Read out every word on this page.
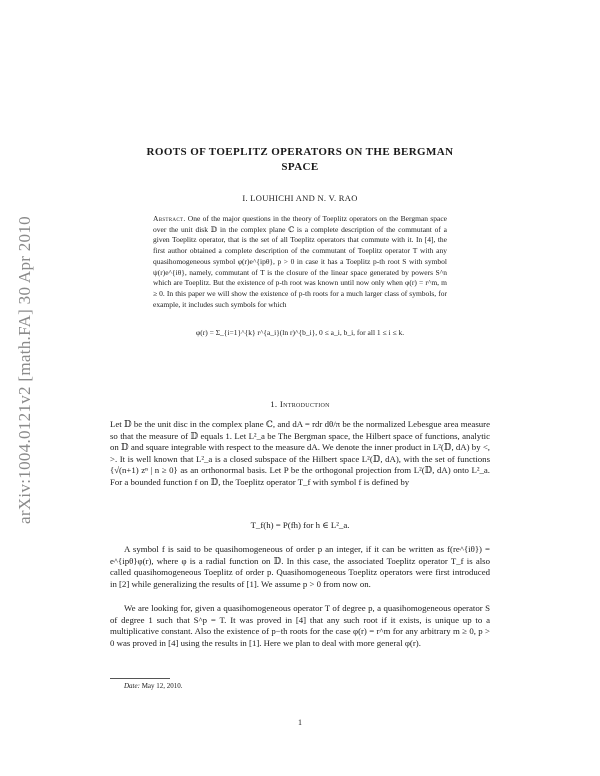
arXiv:1004.0121v2 [math.FA] 30 Apr 2010
ROOTS OF TOEPLITZ OPERATORS ON THE BERGMAN
SPACE
I. LOUHICHI AND N. V. RAO
Abstract. One of the major questions in the theory of Toeplitz operators on the Bergman space over the unit disk 𝔻 in the complex plane ℂ is a complete description of the commutant of a given Toeplitz operator, that is the set of all Toeplitz operators that commute with it. In [4], the first author obtained a complete description of the commutant of Toeplitz operator T with any quasihomogeneous symbol φ(r)e^{ipθ}, p > 0 in case it has a Toeplitz p-th root S with symbol ψ(r)e^{iθ}, namely, commutant of T is the closure of the linear space generated by powers S^n which are Toeplitz. But the existence of p-th root was known until now only when φ(r) = r^m, m ≥ 0. In this paper we will show the existence of p-th roots for a much larger class of symbols, for example, it includes such symbols for which
φ(r) = Σ_{i=1}^{k} r^{a_i}(ln r)^{b_i}, 0 ≤ a_i, b_i, for all 1 ≤ i ≤ k.
1. Introduction
Let 𝔻 be the unit disc in the complex plane ℂ, and dA = rdr dθ/π be the normalized Lebesgue area measure so that the measure of 𝔻 equals 1. Let L²_a be The Bergman space, the Hilbert space of functions, analytic on 𝔻 and square integrable with respect to the measure dA. We denote the inner product in L²(𝔻, dA) by <, >. It is well known that L²_a is a closed subspace of the Hilbert space L²(𝔻, dA), with the set of functions {√(n+1) zⁿ | n ≥ 0} as an orthonormal basis. Let P be the orthogonal projection from L²(𝔻, dA) onto L²_a. For a bounded function f on 𝔻, the Toeplitz operator T_f with symbol f is defined by
T_f(h) = P(fh) for h ∈ L²_a.
A symbol f is said to be quasihomogeneous of order p an integer, if it can be written as f(re^{iθ}) = e^{ipθ}φ(r), where φ is a radial function on 𝔻. In this case, the associated Toeplitz operator T_f is also called quasihomogeneous Toeplitz of order p. Quasihomogeneous Toeplitz operators were first introduced in [2] while generalizing the results of [1]. We assume p > 0 from now on.
We are looking for, given a quasihomogeneous operator T of degree p, a quasihomogeneous operator S of degree 1 such that S^p = T. It was proved in [4] that any such root if it exists, is unique up to a multiplicative constant. Also the existence of p−th roots for the case φ(r) = r^m for any arbitrary m ≥ 0, p > 0 was proved in [4] using the results in [1]. Here we plan to deal with more general φ(r).
Date: May 12, 2010.
1
